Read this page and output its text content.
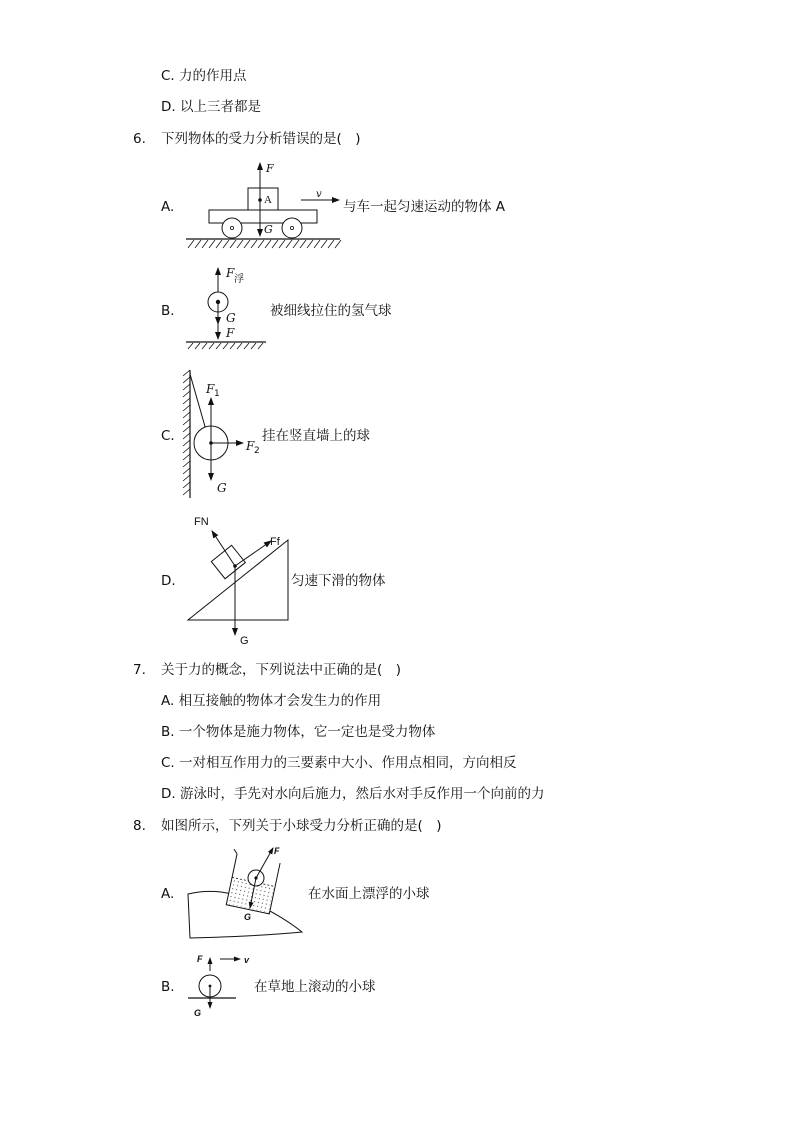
C. 力的作用点
D. 以上三者都是
6. 下列物体的受力分析错误的是(　)
A.	A
F
G
v
与车一起匀速运动的物体 A
B.
F 浮
G
F
被细线拉住的氢气球
C.
F 1
F 2
G
挂在竖直墙上的球
D.
FN
Ff
G
匀速下滑的物体
7. 关于力的概念，下列说法中正确的是(　)
A. 相互接触的物体才会发生力的作用
B. 一个物体是施力物体，它一定也是受力物体
C. 一对相互作用力的三要素中大小、作用点相同，方向相反
D. 游泳时，手先对水向后施力，然后水对手反作用一个向前的力
8. 如图所示，下列关于小球受力分析正确的是(　)
A.
F
G
在水面上漂浮的小球
B.
F	v
G
在草地上滚动的小球
